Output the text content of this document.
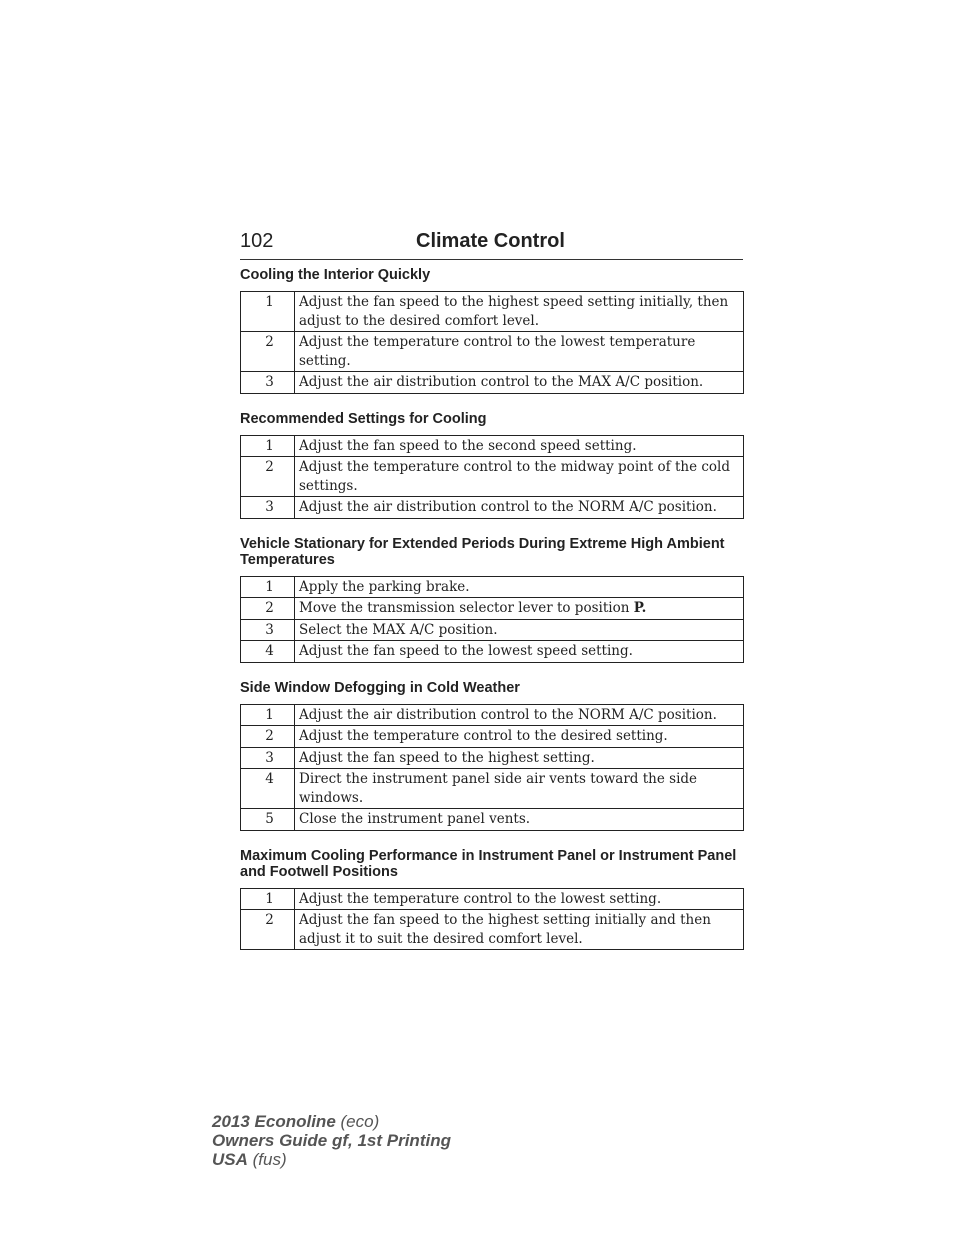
102	Climate Control
Cooling the Interior Quickly
1	Adjust the fan speed to the highest speed setting initially, then adjust to the desired comfort level.
2	Adjust the temperature control to the lowest temperature setting.
3	Adjust the air distribution control to the MAX A/C position.
Recommended Settings for Cooling
1	Adjust the fan speed to the second speed setting.
2	Adjust the temperature control to the midway point of the cold settings.
3	Adjust the air distribution control to the NORM A/C position.
Vehicle Stationary for Extended Periods During Extreme High Ambient Temperatures
1	Apply the parking brake.
2	Move the transmission selector lever to position P.
3	Select the MAX A/C position.
4	Adjust the fan speed to the lowest speed setting.
Side Window Defogging in Cold Weather
1	Adjust the air distribution control to the NORM A/C position.
2	Adjust the temperature control to the desired setting.
3	Adjust the fan speed to the highest setting.
4	Direct the instrument panel side air vents toward the side windows.
5	Close the instrument panel vents.
Maximum Cooling Performance in Instrument Panel or Instrument Panel and Footwell Positions
1	Adjust the temperature control to the lowest setting.
2	Adjust the fan speed to the highest setting initially and then adjust it to suit the desired comfort level.
2013 Econoline (eco)
Owners Guide gf, 1st Printing
USA (fus)
